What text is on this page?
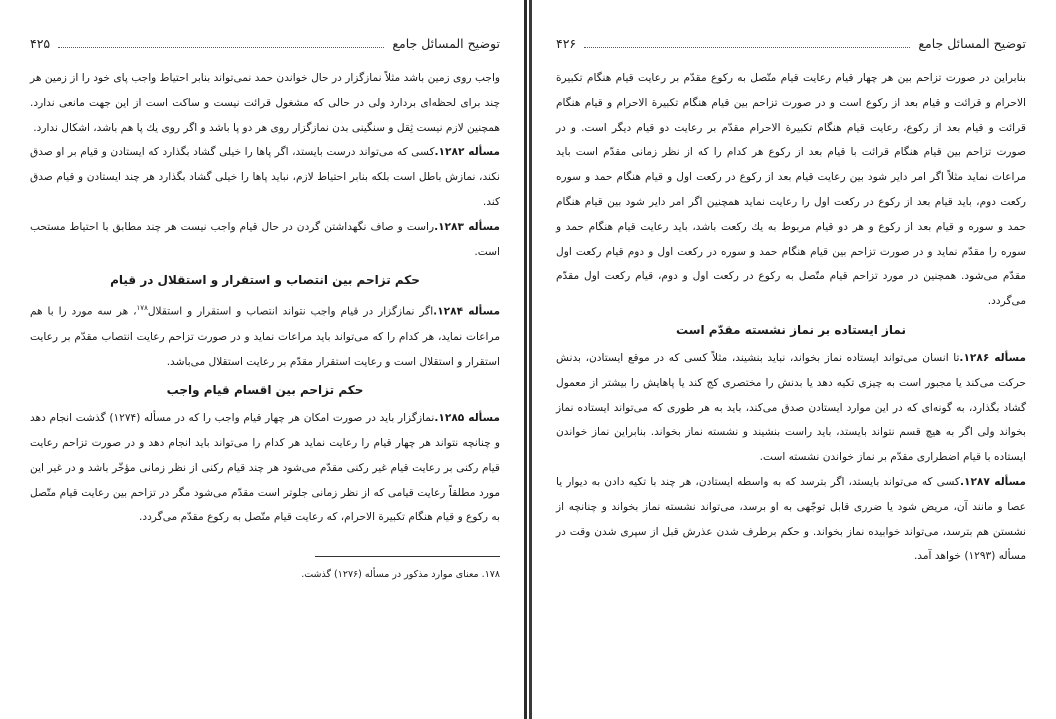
توضیح المسائل جامع
۴۲۵

واجب روی زمین باشد مثلاً نمازگزار در حال خواندن حمد نمی‌تواند بنابر احتیاط واجب پای خود را از زمین هر چند برای لحظه‌ای بردارد ولی در حالی که مشغول قرائت نیست و ساکت است از این جهت مانعی ندارد. همچنین لازم نیست ثِقل و سنگینی بدن نمازگزار روی هر دو پا باشد و اگر روی یك پا هم باشد، اشكال ندارد.

مسأله ۱۲۸۲.كسی كه می‌تواند درست بایستد، اگر پاها را خیلی گشاد بگذارد كه ایستادن و قیام بر او صدق نكند، نمازش باطل است بلكه بنابر احتیاط لازم، نباید پاها را خیلی گشاد بگذارد هر چند ایستادن و قیام صدق كند.

مسأله ۱۲۸۳.راست و صاف نگهداشتن گردن در حال قیام واجب نیست هر چند مطابق با احتیاط مستحب است.

حكم تزاحم بین انتصاب و استقرار و استقلال در قیام

مسأله ۱۲۸۴.اگر نمازگزار در قیام واجب نتواند انتصاب و استقرار و استقلال$^{۱۷۸}$، هر سه مورد را با هم مراعات نماید، هر كدام را كه می‌تواند باید مراعات نماید و در صورت تزاحم رعایت انتصاب مقدّم بر رعایت استقرار و استقلال است و رعایت استقرار مقدّم بر رعایت استقلال می‌باشد.

حكم تزاحم بین اقسام قیام واجب

مسأله ۱۲۸۵.نمازگزار باید در صورت امكان هر چهار قیام واجب را كه در مسأله (۱۲۷۴) گذشت انجام دهد و چنانچه نتواند هر چهار قیام را رعایت نماید هر كدام را می‌تواند باید انجام دهد و در صورت تزاحم رعایت قیام ركنی بر رعایت قیام غیر ركنی مقدّم می‌شود هر چند قیام ركنی از نظر زمانی مؤخّر باشد و در غیر این مورد مطلقاً رعایت قیامی كه از نظر زمانی جلوتر است مقدّم می‌شود مگر در تزاحم بین رعایت قیام متّصل به ركوع و قیام هنگام تكبیرة الاحرام، كه رعایت قیام متّصل به ركوع مقدّم می‌گردد.

۱۷۸. معنای موارد مذكور در مسأله (۱۲۷۶) گذشت.
توضیح المسائل جامع
۴۲۶

بنابراین در صورت تزاحم بین هر چهار قیام رعایت قیام متّصل به ركوع مقدّم بر رعایت قیام هنگام تكبیرة الاحرام و قرائت و قیام بعد از ركوع است و در صورت تزاحم بین قیام هنگام تكبیرة الاحرام و قیام هنگام قرائت و قیام بعد از ركوع، رعایت قیام هنگام تكبیرة الاحرام مقدّم بر رعایت دو قیام دیگر است. و در صورت تزاحم بین قیام هنگام قرائت با قیام بعد از ركوع هر كدام را كه از نظر زمانی مقدّم است باید مراعات نماید مثلاً اگر امر دایر شود بین رعایت قیام بعد از ركوع در ركعت اول و قیام هنگام حمد و سوره ركعت دوم، باید قیام بعد از ركوع در ركعت اول را رعایت نماید همچنین اگر امر دایر شود بین قیام هنگام حمد و سوره و قیام بعد از ركوع و هر دو قیام مربوط به یك ركعت باشد، باید رعایت قیام هنگام حمد و سوره را مقدّم نماید و در صورت تزاحم بین قیام هنگام حمد و سوره در ركعت اول و دوم قیام ركعت اول مقدّم می‌شود. همچنین در مورد تزاحم قیام متّصل به ركوع در ركعت اول و دوم، قیام ركعت اول مقدّم می‌گردد.

نماز ایستاده بر نماز نشسته مقدّم است

مسأله ۱۲۸۶.تا انسان می‌تواند ایستاده نماز بخواند، نباید بنشیند، مثلاً كسی كه در موقع ایستادن، بدنش حركت می‌كند یا مجبور است به چیزی تكیه دهد یا بدنش را مختصری كج كند یا پاهایش را بیشتر از معمول گشاد بگذارد، به گونه‌ای كه در این موارد ایستادن صدق می‌كند، باید به هر طوری كه می‌تواند ایستاده نماز بخواند ولی اگر به هیچ قسم نتواند بایستد، باید راست بنشیند و نشسته نماز بخواند. بنابراین نماز خواندن ایستاده با قیام اضطراری مقدّم بر نماز خواندن نشسته است.

مسأله ۱۲۸۷.كسی كه می‌تواند بایستد، اگر بترسد كه به واسطه ایستادن، هر چند با تكیه دادن به دیوار یا عصا و مانند آن، مریض شود یا ضرری قابل توجّهی به او برسد، می‌تواند نشسته نماز بخواند و چنانچه از نشستن هم بترسد، می‌تواند خوابیده نماز بخواند. و حكم برطرف شدن عذرش قبل از سپری شدن وقت در مسأله (۱۲۹۳) خواهد آمد.
